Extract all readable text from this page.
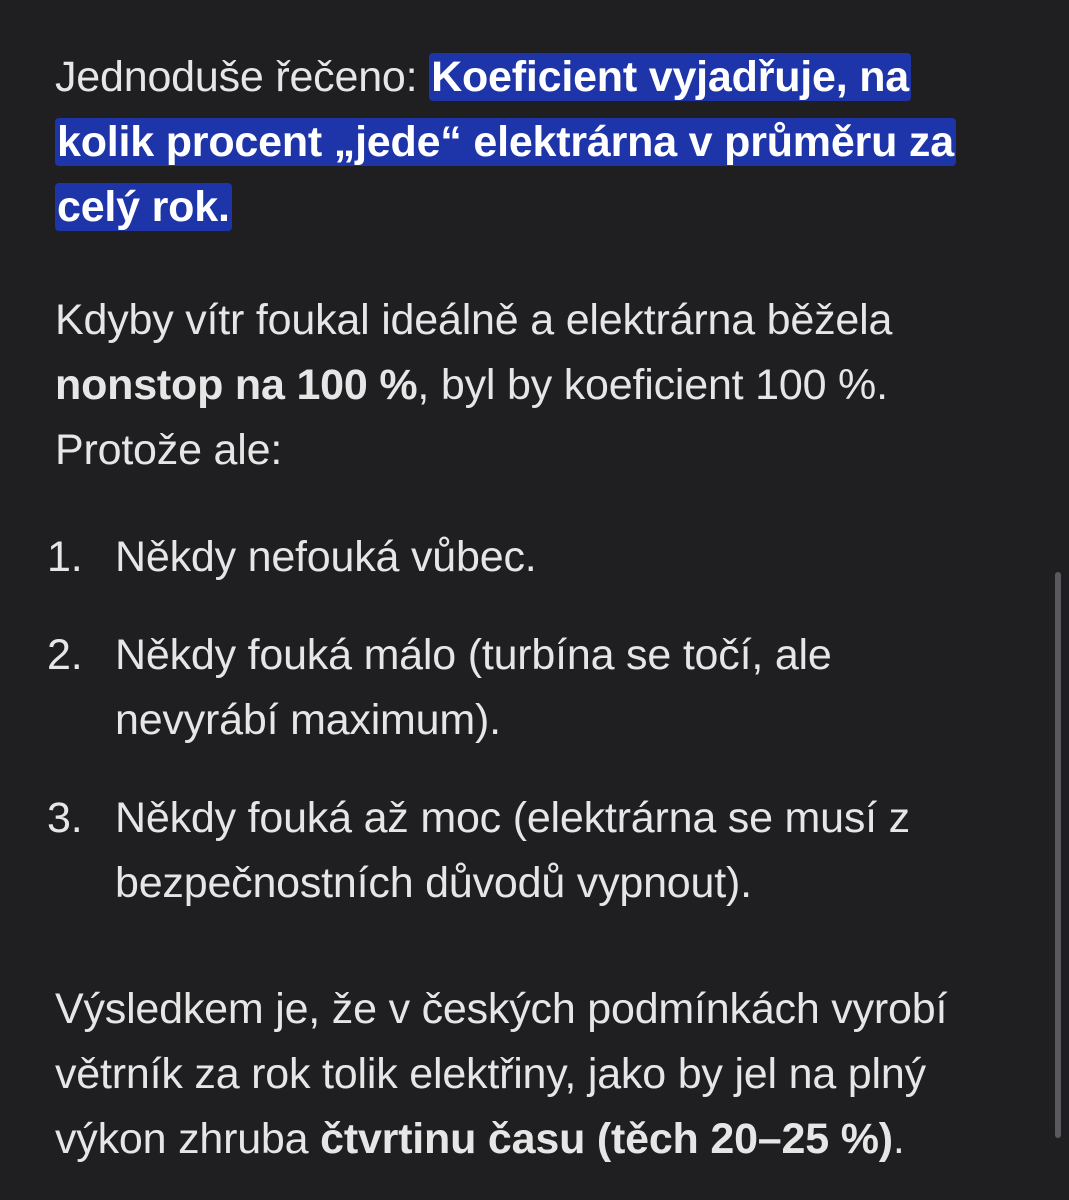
Jednoduše řečeno: Koeficient vyjadřuje, na kolik procent „jede“ elektrárna v průměru za celý rok.

Kdyby vítr foukal ideálně a elektrárna běžela nonstop na 100 %, byl by koeficient 100 %. Protože ale:

1. Někdy nefouká vůbec.
2. Někdy fouká málo (turbína se točí, ale nevyrábí maximum).
3. Někdy fouká až moc (elektrárna se musí z bezpečnostních důvodů vypnout).

Výsledkem je, že v českých podmínkách vyrobí větrník za rok tolik elektřiny, jako by jel na plný výkon zhruba čtvrtinu času (těch 20–25 %).
